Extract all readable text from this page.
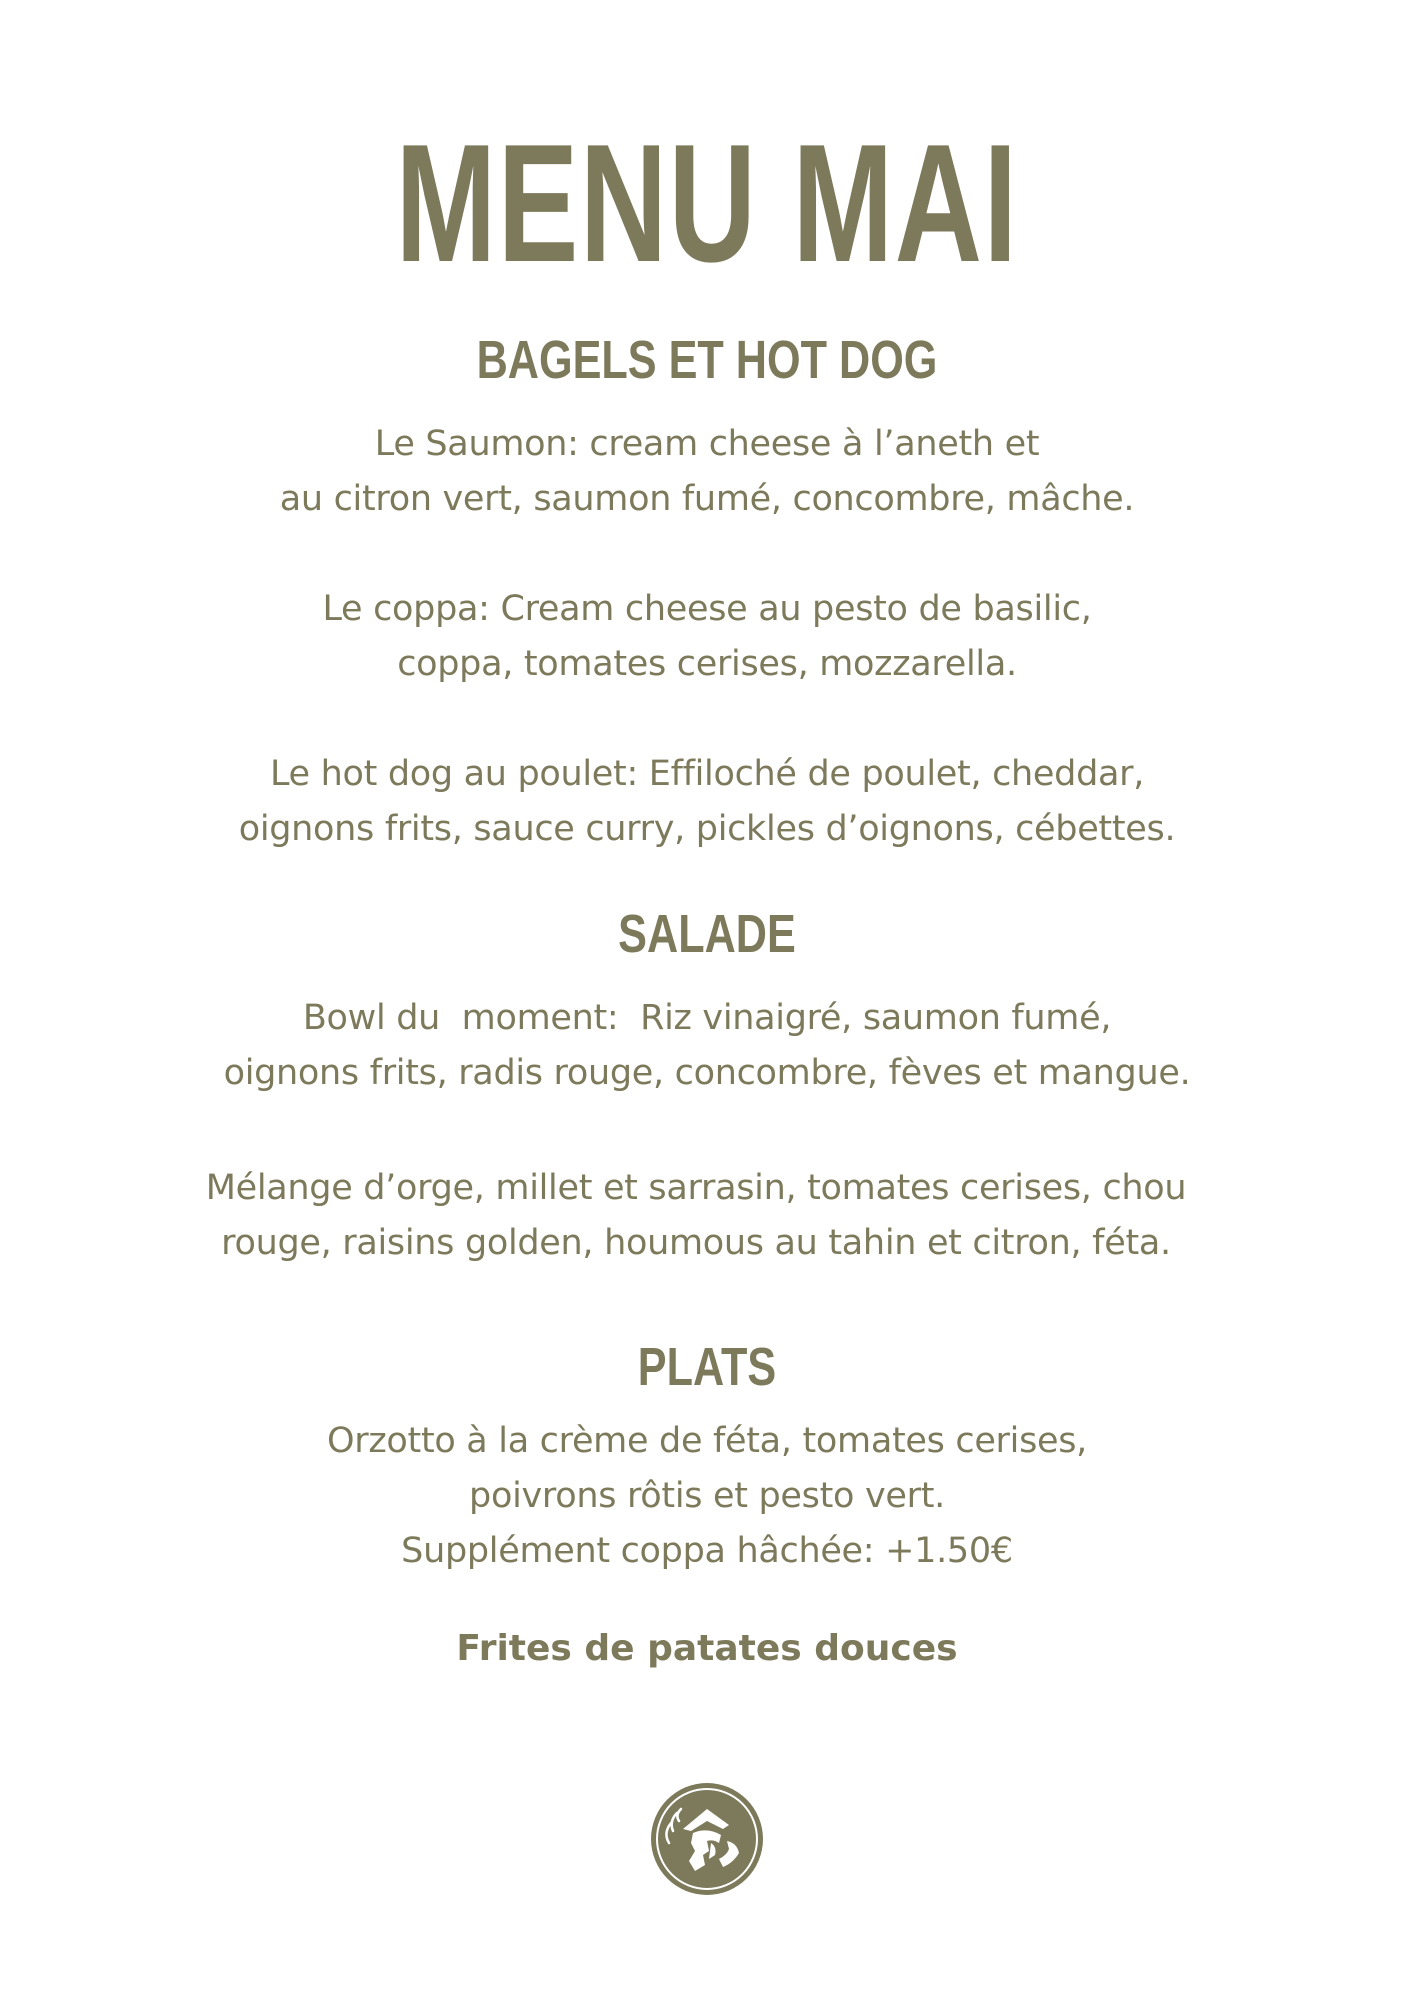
MENU MAI
BAGELS ET HOT DOG

Le Saumon: cream cheese à l’aneth et
au citron vert, saumon fumé, concombre, mâche.

Le coppa: Cream cheese au pesto de basilic,
coppa, tomates cerises, mozzarella.

Le hot dog au poulet: Effiloché de poulet, cheddar,
oignons frits, sauce curry, pickles d’oignons, cébettes.

SALADE

Bowl du  moment:  Riz vinaigré, saumon fumé,
oignons frits, radis rouge, concombre, fèves et mangue.

Mélange d’orge, millet et sarrasin, tomates cerises, chou
rouge, raisins golden, houmous au tahin et citron, féta.

PLATS

Orzotto à la crème de féta, tomates cerises,
poivrons rôtis et pesto vert.
Supplément coppa hâchée: +1.50€

Frites de patates douces
